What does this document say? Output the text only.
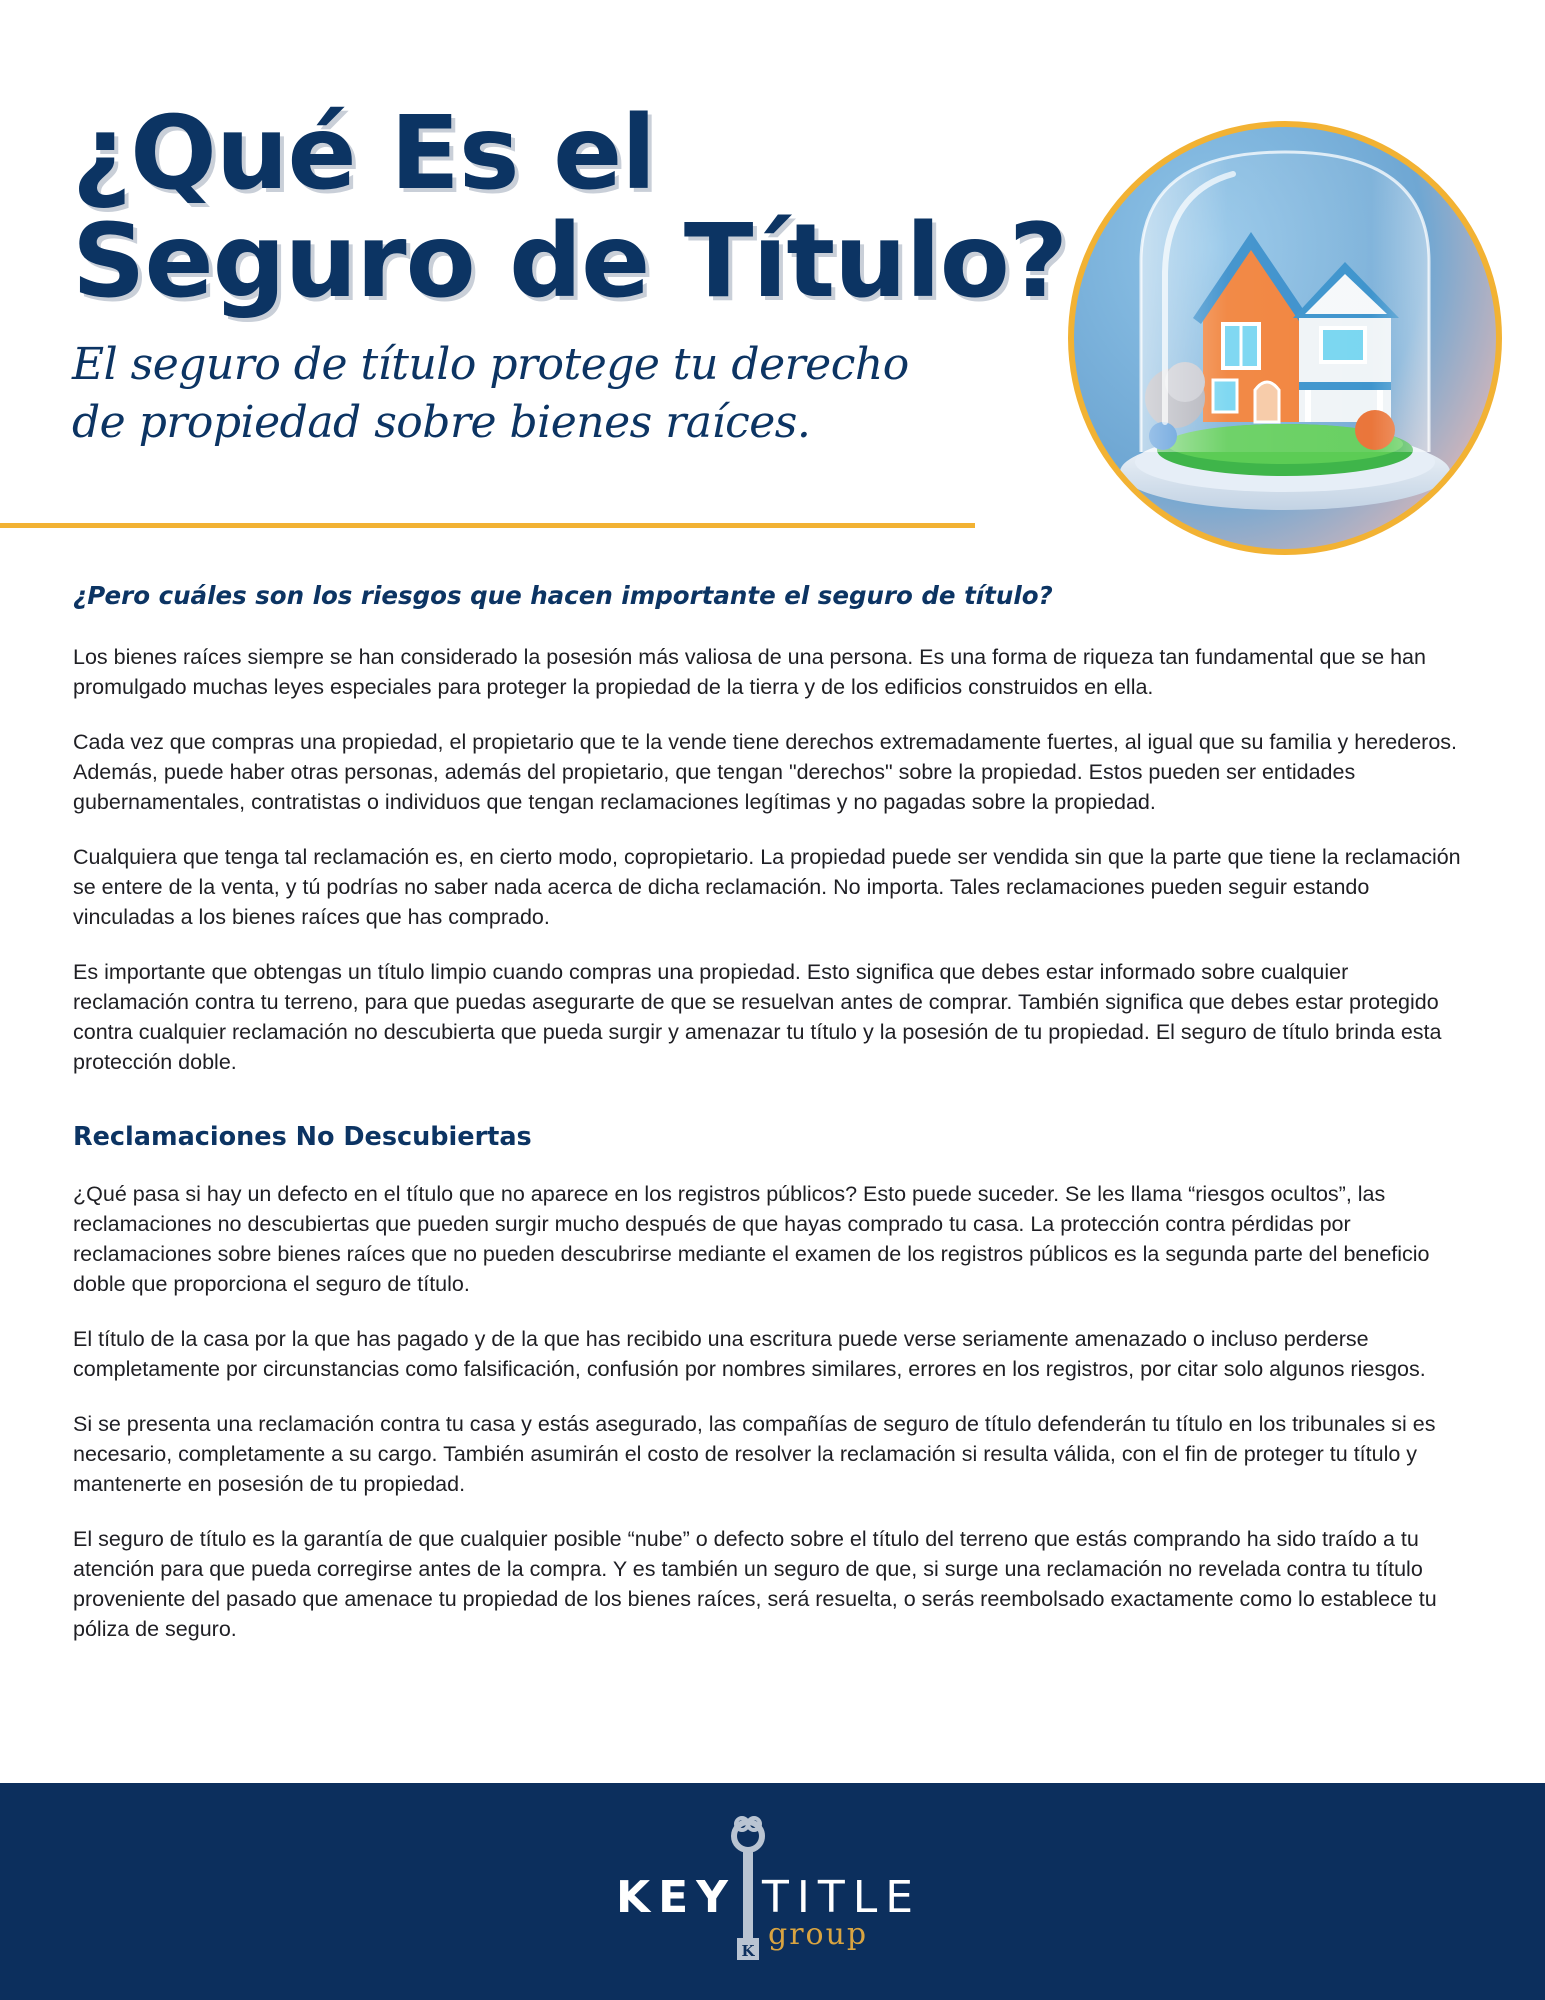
¿Qué Es el
Seguro de Título?
El seguro de título protege tu derecho
de propiedad sobre bienes raíces.
¿Pero cuáles son los riesgos que hacen importante el seguro de título?

Los bienes raíces siempre se han considerado la posesión más valiosa de una persona. Es una forma de riqueza tan fundamental que se han promulgado muchas leyes especiales para proteger la propiedad de la tierra y de los edificios construidos en ella.

Cada vez que compras una propiedad, el propietario que te la vende tiene derechos extremadamente fuertes, al igual que su familia y herederos. Además, puede haber otras personas, además del propietario, que tengan "derechos" sobre la propiedad. Estos pueden ser entidades gubernamentales, contratistas o individuos que tengan reclamaciones legítimas y no pagadas sobre la propiedad.

Cualquiera que tenga tal reclamación es, en cierto modo, copropietario. La propiedad puede ser vendida sin que la parte que tiene la reclamación se entere de la venta, y tú podrías no saber nada acerca de dicha reclamación. No importa. Tales reclamaciones pueden seguir estando vinculadas a los bienes raíces que has comprado.

Es importante que obtengas un título limpio cuando compras una propiedad. Esto significa que debes estar informado sobre cualquier reclamación contra tu terreno, para que puedas asegurarte de que se resuelvan antes de comprar. También significa que debes estar protegido contra cualquier reclamación no descubierta que pueda surgir y amenazar tu título y la posesión de tu propiedad. El seguro de título brinda esta protección doble.

Reclamaciones No Descubiertas

¿Qué pasa si hay un defecto en el título que no aparece en los registros públicos? Esto puede suceder. Se les llama “riesgos ocultos”, las reclamaciones no descubiertas que pueden surgir mucho después de que hayas comprado tu casa. La protección contra pérdidas por reclamaciones sobre bienes raíces que no pueden descubrirse mediante el examen de los registros públicos es la segunda parte del beneficio doble que proporciona el seguro de título.

El título de la casa por la que has pagado y de la que has recibido una escritura puede verse seriamente amenazado o incluso perderse completamente por circunstancias como falsificación, confusión por nombres similares, errores en los registros, por citar solo algunos riesgos.

Si se presenta una reclamación contra tu casa y estás asegurado, las compañías de seguro de título defenderán tu título en los tribunales si es necesario, completamente a su cargo. También asumirán el costo de resolver la reclamación si resulta válida, con el fin de proteger tu título y mantenerte en posesión de tu propiedad.

El seguro de título es la garantía de que cualquier posible “nube” o defecto sobre el título del terreno que estás comprando ha sido traído a tu atención para que pueda corregirse antes de la compra. Y es también un seguro de que, si surge una reclamación no revelada contra tu título proveniente del pasado que amenace tu propiedad de los bienes raíces, será resuelta, o serás reembolsado exactamente como lo establece tu póliza de seguro.

K
KEY TITLE
group
